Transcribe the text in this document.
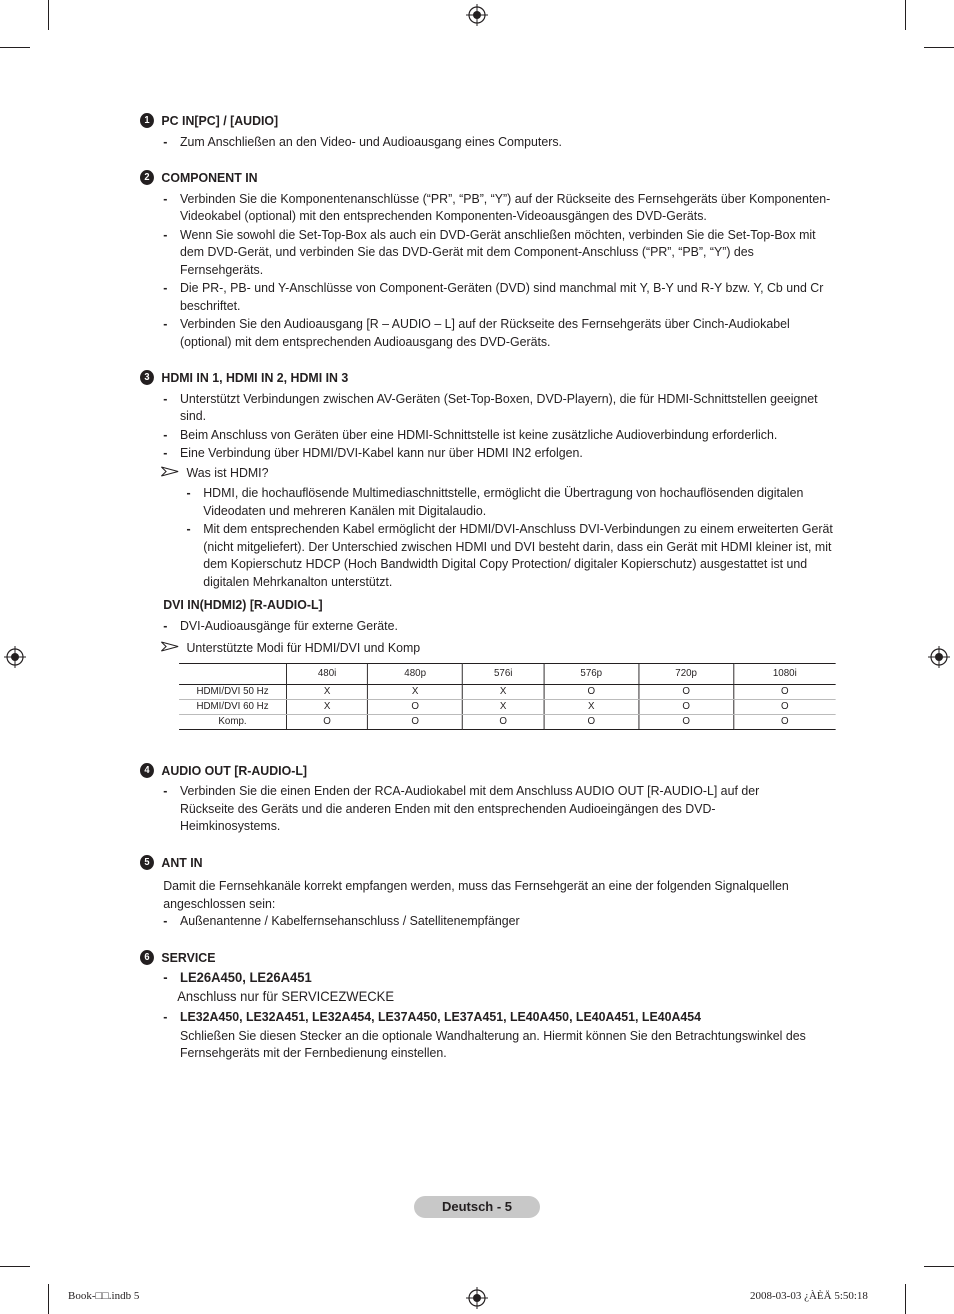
1 PC IN[PC] / [AUDIO]
- Zum Anschließen an den Video- und Audioausgang eines Computers.
2 COMPONENT IN
- Verbinden Sie die Komponentenanschlüsse (“PR”, “PB”, “Y”) auf der Rückseite des Fernsehgeräts über Komponenten-Videokabel (optional) mit den entsprechenden Komponenten-Videoausgängen des DVD-Geräts.
- Wenn Sie sowohl die Set-Top-Box als auch ein DVD-Gerät anschließen möchten, verbinden Sie die Set-Top-Box mit dem DVD-Gerät, und verbinden Sie das DVD-Gerät mit dem Component-Anschluss (“PR”, “PB”, “Y”) des Fernsehgeräts.
- Die PR-, PB- und Y-Anschlüsse von Component-Geräten (DVD) sind manchmal mit Y, B-Y und R-Y bzw. Y, Cb und Cr beschriftet.
- Verbinden Sie den Audioausgang [R – AUDIO – L] auf der Rückseite des Fernsehgeräts über Cinch-Audiokabel (optional) mit dem entsprechenden Audioausgang des DVD-Geräts.
3 HDMI IN 1, HDMI IN 2, HDMI IN 3
- Unterstützt Verbindungen zwischen AV-Geräten (Set-Top-Boxen, DVD-Playern), die für HDMI-Schnittstellen geeignet sind.
- Beim Anschluss von Geräten über eine HDMI-Schnittstelle ist keine zusätzliche Audioverbindung erforderlich.
- Eine Verbindung über HDMI/DVI-Kabel kann nur über HDMI IN2 erfolgen.
Was ist HDMI?
- HDMI, die hochauflösende Multimediaschnittstelle, ermöglicht die Übertragung von hochauflösenden digitalen Videodaten und mehreren Kanälen mit Digitalaudio.
- Mit dem entsprechenden Kabel ermöglicht der HDMI/DVI-Anschluss DVI-Verbindungen zu einem erweiterten Gerät (nicht mitgeliefert). Der Unterschied zwischen HDMI und DVI besteht darin, dass ein Gerät mit HDMI kleiner ist, mit dem Kopierschutz HDCP (Hoch Bandwidth Digital Copy Protection/ digitaler Kopierschutz) ausgestattet ist und digitalen Mehrkanalton unterstützt.
DVI IN(HDMI2) [R-AUDIO-L]
- DVI-Audioausgänge für externe Geräte.
Unterstützte Modi für HDMI/DVI und Komp
	480i	480p	576i	576p	720p	1080i
HDMI/DVI 50 Hz	X	X	X	O	O	O
HDMI/DVI 60 Hz	X	O	X	X	O	O
Komp.	O	O	O	O	O	O
4 AUDIO OUT [R-AUDIO-L]
- Verbinden Sie die einen Enden der RCA-Audiokabel mit dem Anschluss AUDIO OUT [R-AUDIO-L] auf der Rückseite des Geräts und die anderen Enden mit den entsprechenden Audioeingängen des DVD-Heimkinosystems.
5 ANT IN
Damit die Fernsehkanäle korrekt empfangen werden, muss das Fernsehgerät an eine der folgenden Signalquellen angeschlossen sein:
- Außenantenne / Kabelfernsehanschluss / Satellitenempfänger
6 SERVICE
- LE26A450, LE26A451
Anschluss nur für SERVICEZWECKE
- LE32A450, LE32A451, LE32A454, LE37A450, LE37A451, LE40A450, LE40A451, LE40A454
Schließen Sie diesen Stecker an die optionale Wandhalterung an. Hiermit können Sie den Betrachtungswinkel des Fernsehgeräts mit der Fernbedienung einstellen.
Deutsch - 5
Book-□□.indb 5	2008-03-03 ¿ÀÈÄ 5:50:18
